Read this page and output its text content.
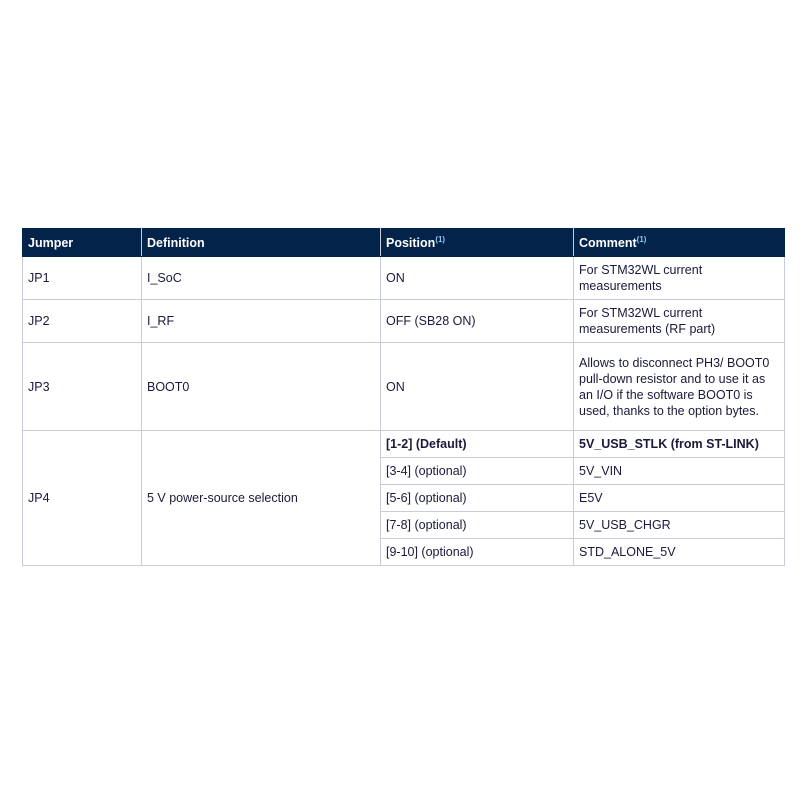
Jumper	Definition	Position$^{(1)}$	Comment$^{(1)}$
JP1	I_SoC	ON	For STM32WL current measurements
JP2	I_RF	OFF (SB28 ON)	For STM32WL current measurements (RF part)
JP3	BOOT0	ON	Allows to disconnect PH3/ BOOT0 pull-down resistor and to use it as an I/O if the software BOOT0 is used, thanks to the option bytes.
JP4	5 V power-source selection	[1-2] (Default)	5V_USB_STLK (from ST-LINK)
		[3-4] (optional)	5V_VIN
		[5-6] (optional)	E5V
		[7-8] (optional)	5V_USB_CHGR
		[9-10] (optional)	STD_ALONE_5V
